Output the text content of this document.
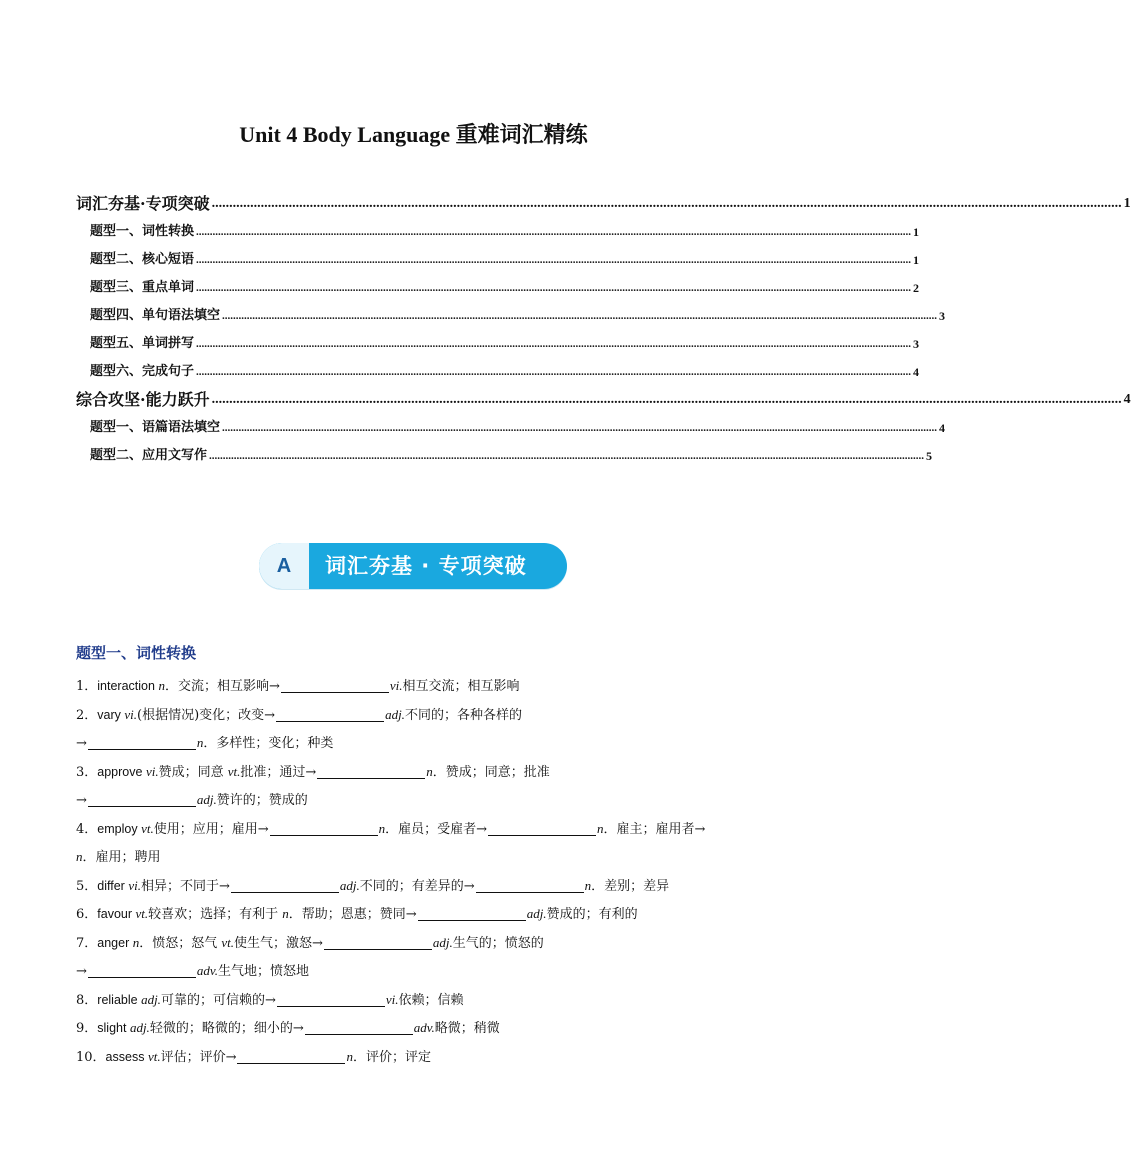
Unit 4 Body Language 重难词汇精练
词汇夯基·专项突破 .................................................................................................................................................................................................................................................................... 1
题型一、词性转换 .................................................................................................................................................................................................................................................................... 1
题型二、核心短语 .................................................................................................................................................................................................................................................................... 1
题型三、重点单词 .................................................................................................................................................................................................................................................................... 2
题型四、单句语法填空 .................................................................................................................................................................................................................................................................... 3
题型五、单词拼写 .................................................................................................................................................................................................................................................................... 3
题型六、完成句子 .................................................................................................................................................................................................................................................................... 4
综合攻坚·能力跃升 .................................................................................................................................................................................................................................................................... 4
题型一、语篇语法填空 .................................................................................................................................................................................................................................................................... 4
题型二、应用文写作 .................................................................................................................................................................................................................................................................... 5
A	词汇夯基 · 专项突破
题型一、词性转换
1．interaction n．交流；相互影响→	vi.相互交流；相互影响
2．vary vi.(根据情况)变化；改变→	adj.不同的；各种各样的
→	n．多样性；变化；种类
3．approve vi.赞成；同意 vt.批准；通过→	n．赞成；同意；批准
→	adj.赞许的；赞成的
4．employ vt.使用；应用；雇用→	n．雇员；受雇者→	n．雇主；雇用者→
n．雇用；聘用
5．differ vi.相异；不同于→	adj.不同的；有差异的→	n．差别；差异
6．favour vt.较喜欢；选择；有利于 n．帮助；恩惠；赞同→	adj.赞成的；有利的
7．anger n．愤怒；怒气 vt.使生气；激怒→	adj.生气的；愤怒的
→	adv.生气地；愤怒地
8．reliable adj.可靠的；可信赖的→	vi.依赖；信赖
9．slight adj.轻微的；略微的；细小的→	adv.略微；稍微
10．assess vt.评估；评价→	n．评价；评定
